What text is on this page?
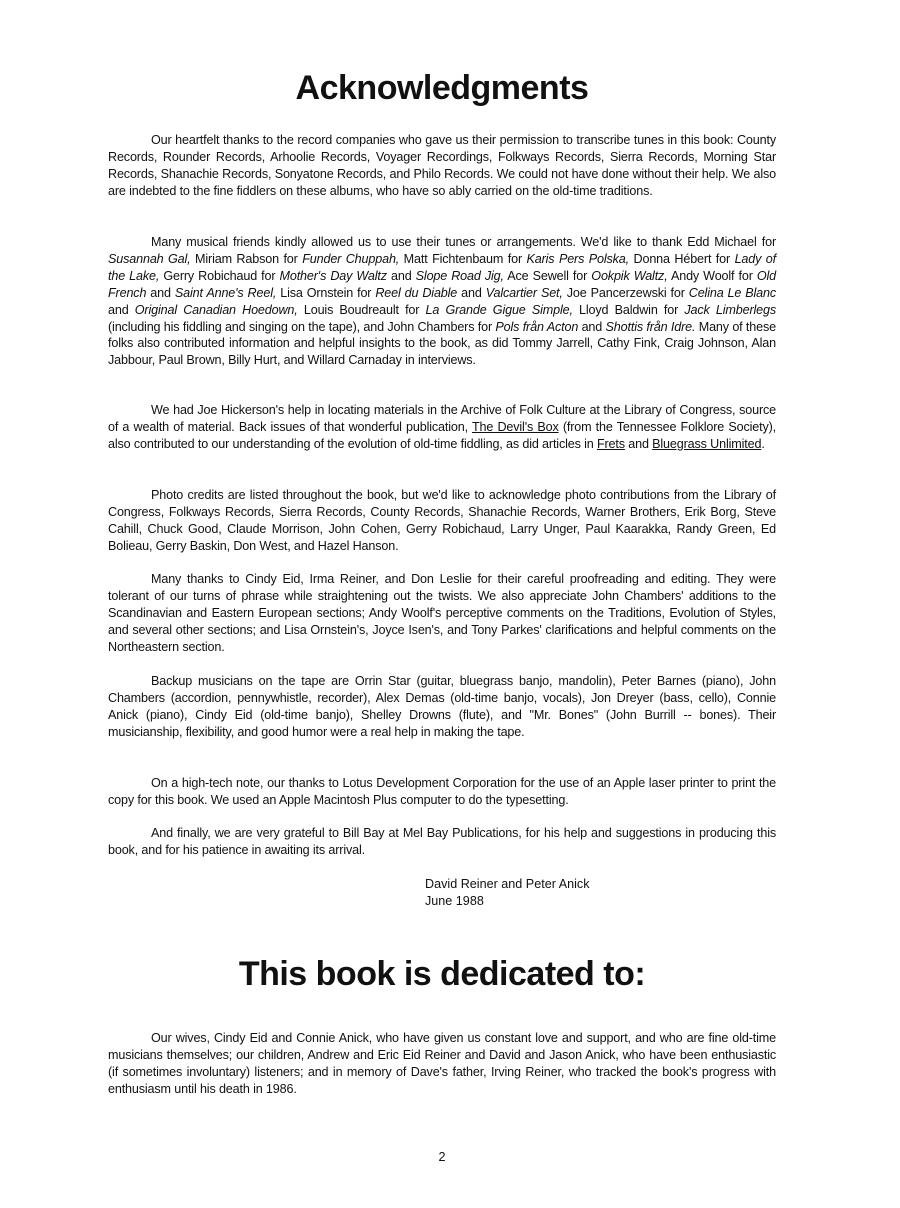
Acknowledgments

Our heartfelt thanks to the record companies who gave us their permission to transcribe tunes in this book: County Records, Rounder Records, Arhoolie Records, Voyager Recordings, Folkways Records, Sierra Records, Morning Star Records, Shanachie Records, Sonyatone Records, and Philo Records. We could not have done without their help. We also are indebted to the fine fiddlers on these albums, who have so ably carried on the old-time traditions.

Many musical friends kindly allowed us to use their tunes or arrangements. We'd like to thank Edd Michael for Susannah Gal, Miriam Rabson for Funder Chuppah, Matt Fichtenbaum for Karis Pers Polska, Donna Hébert for Lady of the Lake, Gerry Robichaud for Mother's Day Waltz and Slope Road Jig, Ace Sewell for Ookpik Waltz, Andy Woolf for Old French and Saint Anne's Reel, Lisa Ornstein for Reel du Diable and Valcartier Set, Joe Pancerzewski for Celina Le Blanc and Original Canadian Hoedown, Louis Boudreault for La Grande Gigue Simple, Lloyd Baldwin for Jack Limberlegs (including his fiddling and singing on the tape), and John Chambers for Pols från Acton and Shottis från Idre. Many of these folks also contributed information and helpful insights to the book, as did Tommy Jarrell, Cathy Fink, Craig Johnson, Alan Jabbour, Paul Brown, Billy Hurt, and Willard Carnaday in interviews.

We had Joe Hickerson's help in locating materials in the Archive of Folk Culture at the Library of Congress, source of a wealth of material. Back issues of that wonderful publication, The Devil's Box (from the Tennessee Folklore Society), also contributed to our understanding of the evolution of old-time fiddling, as did articles in Frets and Bluegrass Unlimited.

Photo credits are listed throughout the book, but we'd like to acknowledge photo contributions from the Library of Congress, Folkways Records, Sierra Records, County Records, Shanachie Records, Warner Brothers, Erik Borg, Steve Cahill, Chuck Good, Claude Morrison, John Cohen, Gerry Robichaud, Larry Unger, Paul Kaarakka, Randy Green, Ed Bolieau, Gerry Baskin, Don West, and Hazel Hanson.

Many thanks to Cindy Eid, Irma Reiner, and Don Leslie for their careful proofreading and editing. They were tolerant of our turns of phrase while straightening out the twists. We also appreciate John Chambers' additions to the Scandinavian and Eastern European sections; Andy Woolf's perceptive comments on the Traditions, Evolution of Styles, and several other sections; and Lisa Ornstein's, Joyce Isen's, and Tony Parkes' clarifications and helpful comments on the Northeastern section.

Backup musicians on the tape are Orrin Star (guitar, bluegrass banjo, mandolin), Peter Barnes (piano), John Chambers (accordion, pennywhistle, recorder), Alex Demas (old-time banjo, vocals), Jon Dreyer (bass, cello), Connie Anick (piano), Cindy Eid (old-time banjo), Shelley Drowns (flute), and "Mr. Bones" (John Burrill -- bones). Their musicianship, flexibility, and good humor were a real help in making the tape.

On a high-tech note, our thanks to Lotus Development Corporation for the use of an Apple laser printer to print the copy for this book. We used an Apple Macintosh Plus computer to do the typesetting.

And finally, we are very grateful to Bill Bay at Mel Bay Publications, for his help and suggestions in producing this book, and for his patience in awaiting its arrival.

David Reiner and Peter Anick
June 1988
This book is dedicated to:

Our wives, Cindy Eid and Connie Anick, who have given us constant love and support, and who are fine old-time musicians themselves; our children, Andrew and Eric Eid Reiner and David and Jason Anick, who have been enthusiastic (if sometimes involuntary) listeners; and in memory of Dave's father, Irving Reiner, who tracked the book's progress with enthusiasm until his death in 1986.

2
